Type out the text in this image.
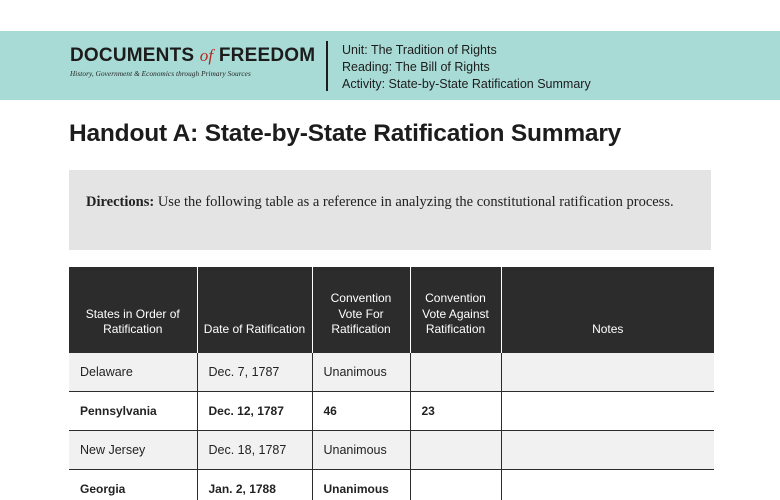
DOCUMENTS of FREEDOM
History, Government & Economics through Primary Sources
Unit: The Tradition of Rights
Reading: The Bill of Rights
Activity: State-by-State Ratification Summary
Handout A: State-by-State Ratification Summary

Directions: Use the following table as a reference in analyzing the constitutional ratification process.

States in Order of Ratification	Date of Ratification	Convention Vote For Ratification	Convention Vote Against Ratification	Notes
Delaware	Dec. 7, 1787	Unanimous		
Pennsylvania	Dec. 12, 1787	46	23	
New Jersey	Dec. 18, 1787	Unanimous		
Georgia	Jan. 2, 1788	Unanimous		
